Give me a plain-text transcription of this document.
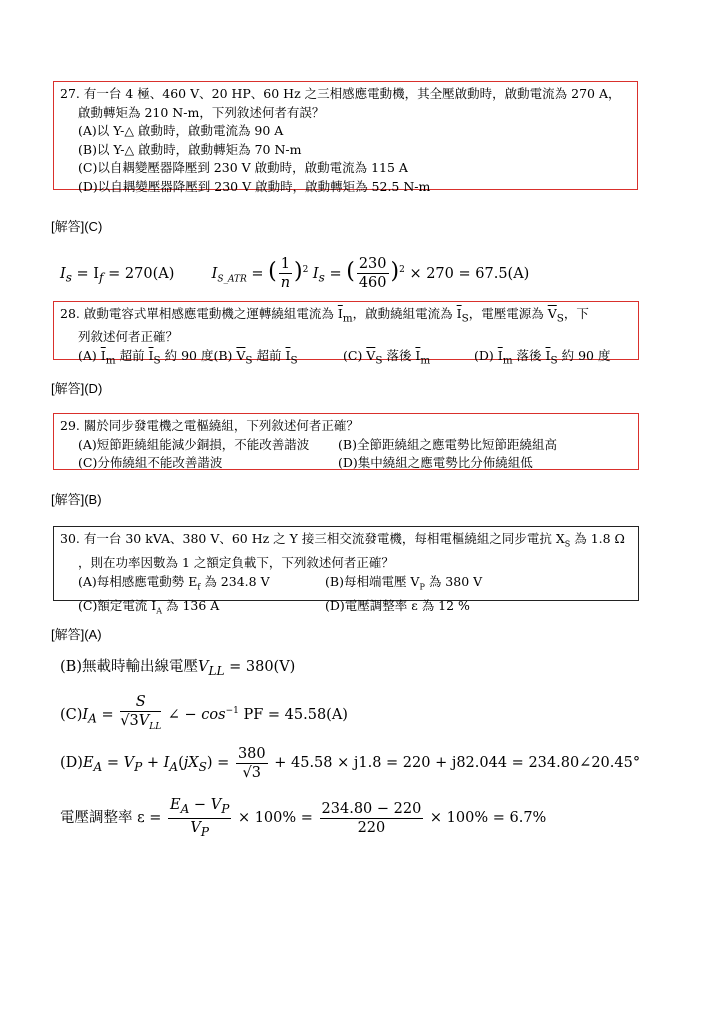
27. 有一台 4 極、460 V、20 HP、60 Hz 之三相感應電動機，其全壓啟動時，啟動電流為 270 A，
啟動轉矩為 210 N-m，下列敘述何者有誤？
(A)以 Y-△ 啟動時，啟動電流為 90 A
(B)以 Y-△ 啟動時，啟動轉矩為 70 N-m
(C)以自耦變壓器降壓到 230 V 啟動時，啟動電流為 115 A
(D)以自耦變壓器降壓到 230 V 啟動時，啟動轉矩為 52.5 N-m
[解答](C)
$I_s = I_f = 270(A)$	$I_{S\_ATR}$ = ( $\frac{1}{n} )^2$ $I_s$ = ( $\frac{230}{460} )^2 \times 270 = 67.5(A)$
28. 啟動電容式單相感應電動機之運轉繞組電流為 $\overline{I}_m$，啟動繞組電流為 $\overline{I}_S$，電壓電源為 $\overline{V}_S$，下
列敘述何者正確？
(A) $\overline{I}_m$ 超前 $\overline{I}_S$ 約 90 度(B) $\overline{V}_S$ 超前 $\overline{I}_S$	(C) $\overline{V}_S$ 落後 $\overline{I}_m$	(D) $\overline{I}_m$ 落後 $\overline{I}_S$ 約 90 度
[解答](D)
29. 關於同步發電機之電樞繞組，下列敘述何者正確？
(A)短節距繞組能減少銅損，不能改善諧波 (B)全節距繞組之應電勢比短節距繞組高
(C)分佈繞組不能改善諧波	(D)集中繞組之應電勢比分佈繞組低
[解答](B)
30. 有一台 30 kVA、380 V、60 Hz 之 Y 接三相交流發電機，每相電樞繞組之同步電抗 $X_S$ 為 1.8 Ω
，則在功率因數為 1 之額定負載下，下列敘述何者正確？
(A)每相感應電動勢 $E_f$ 為 234.8 V	(B)每相端電壓 $V_P$ 為 380 V
(C)額定電流 $I_A$ 為 136 A	(D)電壓調整率 ε 為 12 %
[解答](A)
(B)無載時輸出線電壓$V_{LL} = 380(V)$
$(C)I_A = \frac{S}{√3V_{LL}}$ ∠ − $\cos^{-1}$ PF = 45.58(A)
$(D)E_A = V_P + I_A(jX_S) = \frac{380}{√3} + 45.58 \times j1.8 = 220 + j82.044$ = 234.80∠20.45°
電壓調整率 $\varepsilon = \frac{E_A - V_P}{V_P} \times 100\% = \frac{234.80 - 220}{220} \times 100\% = 6.7\%$
